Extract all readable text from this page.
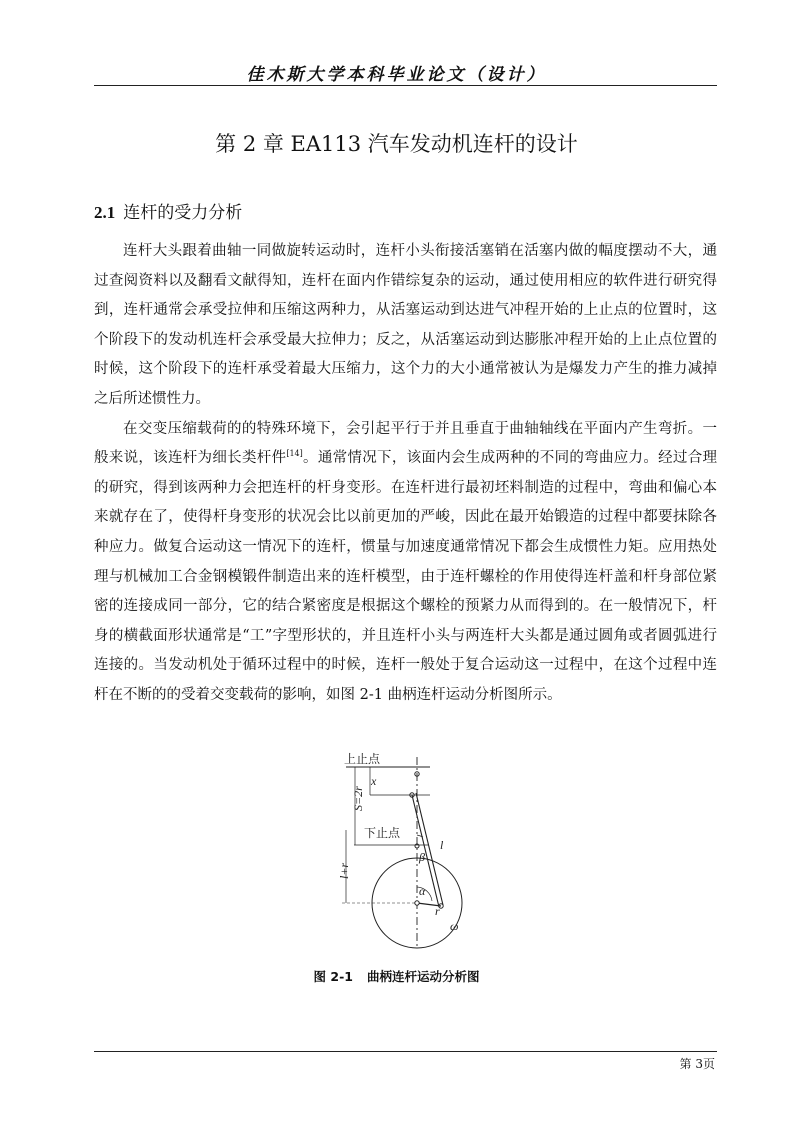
佳木斯大学本科毕业论文（设计）
第 2 章 EA113 汽车发动机连杆的设计
2.1 连杆的受力分析

连杆大头跟着曲轴一同做旋转运动时，连杆小头衔接活塞销在活塞内做的幅度摆动不大，通过查阅资料以及翻看文献得知，连杆在面内作错综复杂的运动，通过使用相应的软件进行研究得到，连杆通常会承受拉伸和压缩这两种力，从活塞运动到达进气冲程开始的上止点的位置时，这个阶段下的发动机连杆会承受最大拉伸力；反之，从活塞运动到达膨胀冲程开始的上止点位置的时候，这个阶段下的连杆承受着最大压缩力，这个力的大小通常被认为是爆发力产生的推力减掉之后所述惯性力。

在交变压缩载荷的的特殊环境下，会引起平行于并且垂直于曲轴轴线在平面内产生弯折。一般来说，该连杆为细长类杆件[14]。通常情况下，该面内会生成两种的不同的弯曲应力。经过合理的研究，得到该两种力会把连杆的杆身变形。在连杆进行最初坯料制造的过程中，弯曲和偏心本来就存在了，使得杆身变形的状况会比以前更加的严峻，因此在最开始锻造的过程中都要抹除各种应力。做复合运动这一情况下的连杆，惯量与加速度通常情况下都会生成惯性力矩。应用热处理与机械加工合金钢模锻件制造出来的连杆模型，由于连杆螺栓的作用使得连杆盖和杆身部位紧密的连接成同一部分，它的结合紧密度是根据这个螺栓的预紧力从而得到的。在一般情况下，杆身的横截面形状通常是“工”字型形状的，并且连杆小头与两连杆大头都是通过圆角或者圆弧进行连接的。当发动机处于循环过程中的时候，连杆一般处于复合运动这一过程中，在这个过程中连杆在不断的的受着交变载荷的影响，如图 2-1 曲柄连杆运动分析图所示。

上止点
下止点
x
S=2r
l+r
β
l
α
r
ω
图 2-1 曲柄连杆运动分析图
第 3页
